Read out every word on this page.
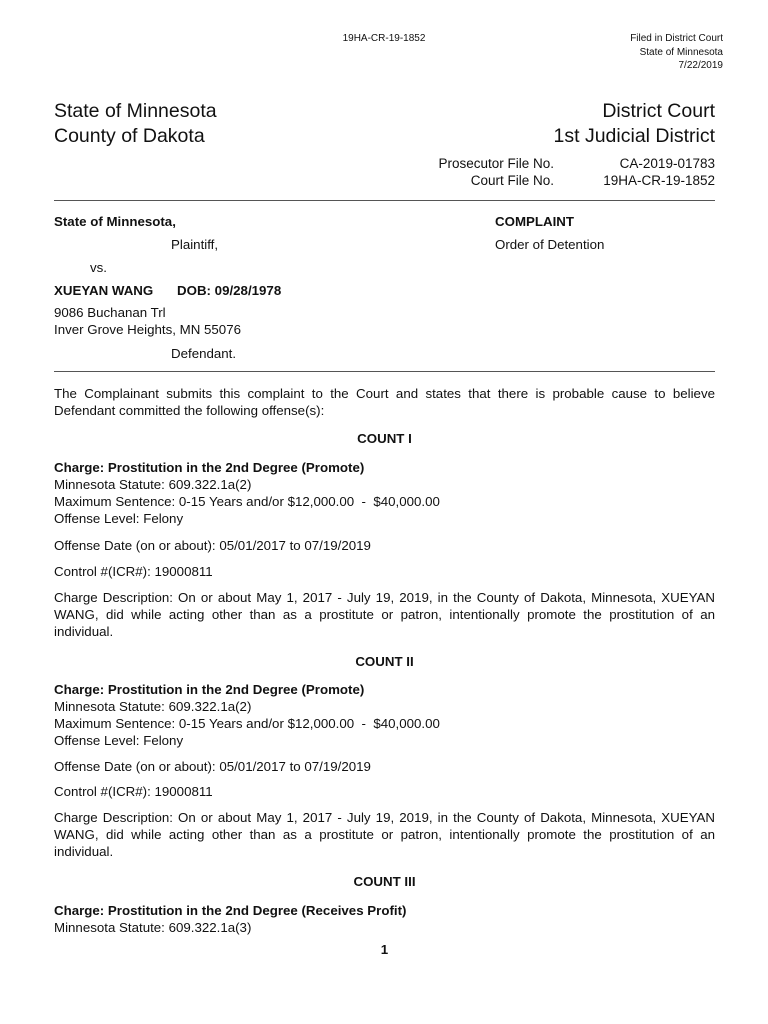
19HA-CR-19-1852	Filed in District Court
State of Minnesota
7/22/2019
State of Minnesota	District Court
County of Dakota	1st Judicial District
Prosecutor File No.	CA-2019-01783
Court File No.	19HA-CR-19-1852
State of Minnesota,	COMPLAINT
Plaintiff,	Order of Detention
vs.
XUEYAN WANG DOB: 09/28/1978
9086 Buchanan Trl
Inver Grove Heights, MN 55076
Defendant.
The Complainant submits this complaint to the Court and states that there is probable cause to believe Defendant committed the following offense(s):
COUNT I
Charge: Prostitution in the 2nd Degree (Promote)
Minnesota Statute: 609.322.1a(2)
Maximum Sentence: 0-15 Years and/or $12,000.00  -  $40,000.00
Offense Level: Felony
Offense Date (on or about): 05/01/2017 to 07/19/2019
Control #(ICR#): 19000811
Charge Description: On or about May 1, 2017 - July 19, 2019, in the County of Dakota, Minnesota, XUEYAN WANG, did while acting other than as a prostitute or patron, intentionally promote the prostitution of an individual.
COUNT II
Charge: Prostitution in the 2nd Degree (Promote)
Minnesota Statute: 609.322.1a(2)
Maximum Sentence: 0-15 Years and/or $12,000.00  -  $40,000.00
Offense Level: Felony
Offense Date (on or about): 05/01/2017 to 07/19/2019
Control #(ICR#): 19000811
Charge Description: On or about May 1, 2017 - July 19, 2019, in the County of Dakota, Minnesota, XUEYAN WANG, did while acting other than as a prostitute or patron, intentionally promote the prostitution of an individual.
COUNT III
Charge: Prostitution in the 2nd Degree (Receives Profit)
Minnesota Statute: 609.322.1a(3)
1
